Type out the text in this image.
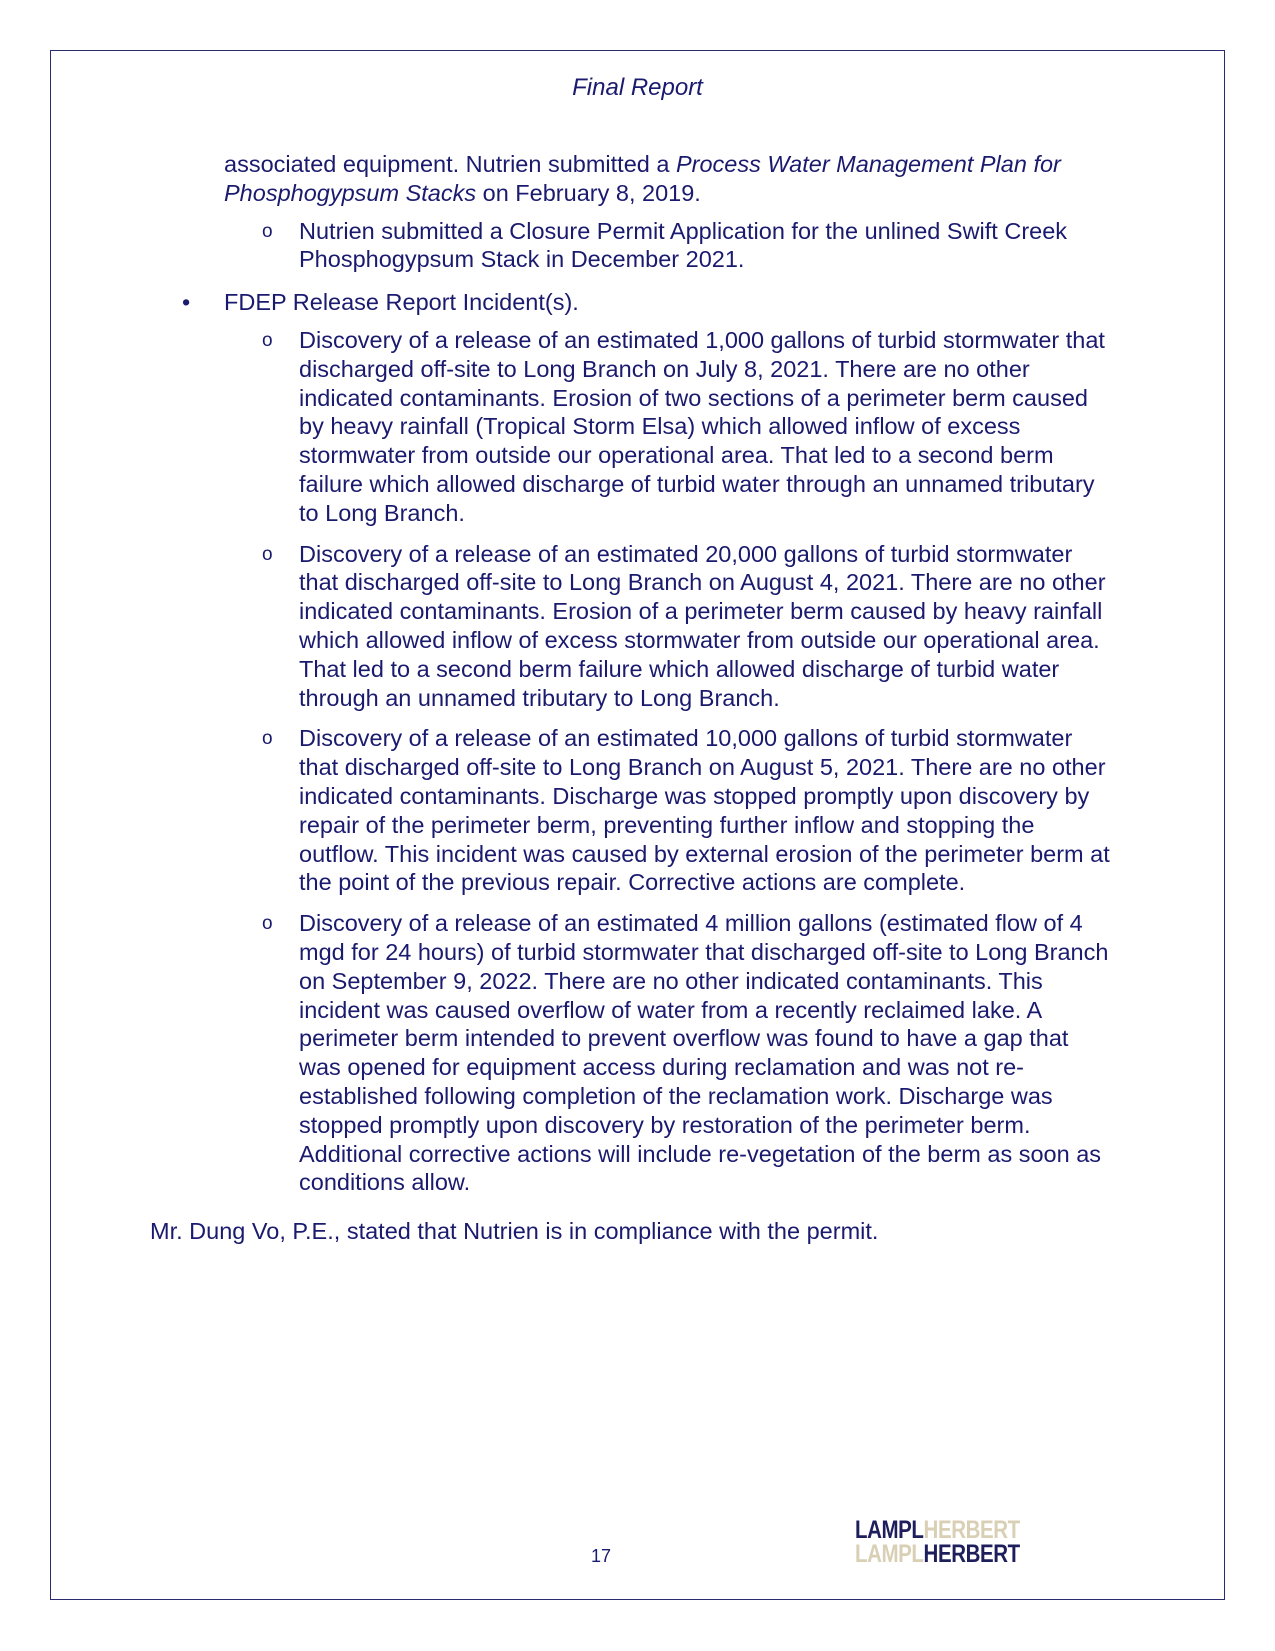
Final Report
associated equipment. Nutrien submitted a Process Water Management Plan for Phosphogypsum Stacks on February 8, 2019.
o Nutrien submitted a Closure Permit Application for the unlined Swift Creek Phosphogypsum Stack in December 2021.
• FDEP Release Report Incident(s).
o Discovery of a release of an estimated 1,000 gallons of turbid stormwater that discharged off-site to Long Branch on July 8, 2021. There are no other indicated contaminants. Erosion of two sections of a perimeter berm caused by heavy rainfall (Tropical Storm Elsa) which allowed inflow of excess stormwater from outside our operational area. That led to a second berm failure which allowed discharge of turbid water through an unnamed tributary to Long Branch.
o Discovery of a release of an estimated 20,000 gallons of turbid stormwater that discharged off-site to Long Branch on August 4, 2021. There are no other indicated contaminants. Erosion of a perimeter berm caused by heavy rainfall which allowed inflow of excess stormwater from outside our operational area. That led to a second berm failure which allowed discharge of turbid water through an unnamed tributary to Long Branch.
o Discovery of a release of an estimated 10,000 gallons of turbid stormwater that discharged off-site to Long Branch on August 5, 2021. There are no other indicated contaminants. Discharge was stopped promptly upon discovery by repair of the perimeter berm, preventing further inflow and stopping the outflow. This incident was caused by external erosion of the perimeter berm at the point of the previous repair. Corrective actions are complete.
o Discovery of a release of an estimated 4 million gallons (estimated flow of 4 mgd for 24 hours) of turbid stormwater that discharged off-site to Long Branch on September 9, 2022. There are no other indicated contaminants. This incident was caused overflow of water from a recently reclaimed lake. A perimeter berm intended to prevent overflow was found to have a gap that was opened for equipment access during reclamation and was not re-established following completion of the reclamation work. Discharge was stopped promptly upon discovery by restoration of the perimeter berm. Additional corrective actions will include re-vegetation of the berm as soon as conditions allow.
Mr. Dung Vo, P.E., stated that Nutrien is in compliance with the permit.
17
LAMPLHERBERT
LAMPLHERBERT
